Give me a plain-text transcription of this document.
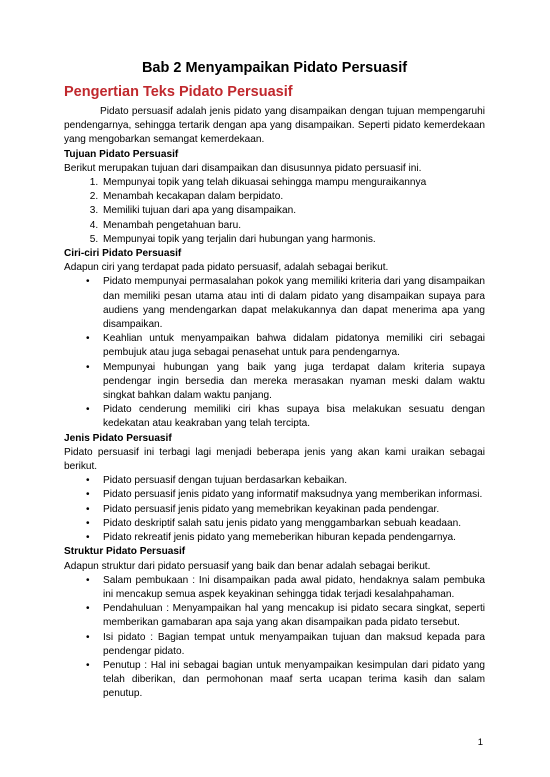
Bab 2 Menyampaikan Pidato Persuasif
Pengertian Teks Pidato Persuasif

Pidato persuasif adalah jenis pidato yang disampaikan dengan tujuan mempengaruhi pendengarnya, sehingga tertarik dengan apa yang disampaikan. Seperti pidato kemerdekaan yang mengobarkan semangat kemerdekaan.

Tujuan Pidato Persuasif

Berikut merupakan tujuan dari disampaikan dan disusunnya pidato persuasif ini.

1. Mempunyai topik yang telah dikuasai sehingga mampu menguraikannya
2. Menambah kecakapan dalam berpidato.
3. Memiliki tujuan dari apa yang disampaikan.
4. Menambah pengetahuan baru.
5. Mempunyai topik yang terjalin dari hubungan yang harmonis.
Ciri-ciri Pidato Persuasif

Adapun ciri yang terdapat pada pidato persuasif, adalah sebagai berikut.

• Pidato mempunyai permasalahan pokok yang memiliki kriteria dari yang disampaikan dan memiliki pesan utama atau inti di dalam pidato yang disampaikan supaya para audiens yang mendengarkan dapat melakukannya dan dapat menerima apa yang disampaikan.
• Keahlian untuk menyampaikan bahwa didalam pidatonya memiliki ciri sebagai pembujuk atau juga sebagai penasehat untuk para pendengarnya.
• Mempunyai hubungan yang baik yang juga terdapat dalam kriteria supaya pendengar ingin bersedia dan mereka merasakan nyaman meski dalam waktu singkat bahkan dalam waktu panjang.
• Pidato cenderung memiliki ciri khas supaya bisa melakukan sesuatu dengan kedekatan atau keakraban yang telah tercipta.
Jenis Pidato Persuasif

Pidato persuasif ini terbagi lagi menjadi beberapa jenis yang akan kami uraikan sebagai berikut.

• Pidato persuasif dengan tujuan berdasarkan kebaikan.
• Pidato persuasif jenis pidato yang informatif maksudnya yang memberikan informasi.
• Pidato persuasif jenis pidato yang memebrikan keyakinan pada pendengar.
• Pidato deskriptif salah satu jenis pidato yang menggambarkan sebuah keadaan.
• Pidato rekreatif jenis pidato yang memeberikan hiburan kepada pendengarnya.
Struktur Pidato Persuasif

Adapun struktur dari pidato persuasif yang baik dan benar adalah sebagai berikut.

• Salam pembukaan : Ini disampaikan pada awal pidato, hendaknya salam pembuka ini mencakup semua aspek keyakinan sehingga tidak terjadi kesalahpahaman.
• Pendahuluan : Menyampaikan hal yang mencakup isi pidato secara singkat, seperti memberikan gamabaran apa saja yang akan disampaikan pada pidato tersebut.
• Isi pidato : Bagian tempat untuk menyampaikan tujuan dan maksud kepada para pendengar pidato.
• Penutup : Hal ini sebagai bagian untuk menyampaikan kesimpulan dari pidato yang telah diberikan, dan permohonan maaf serta ucapan terima kasih dan salam penutup.
1
